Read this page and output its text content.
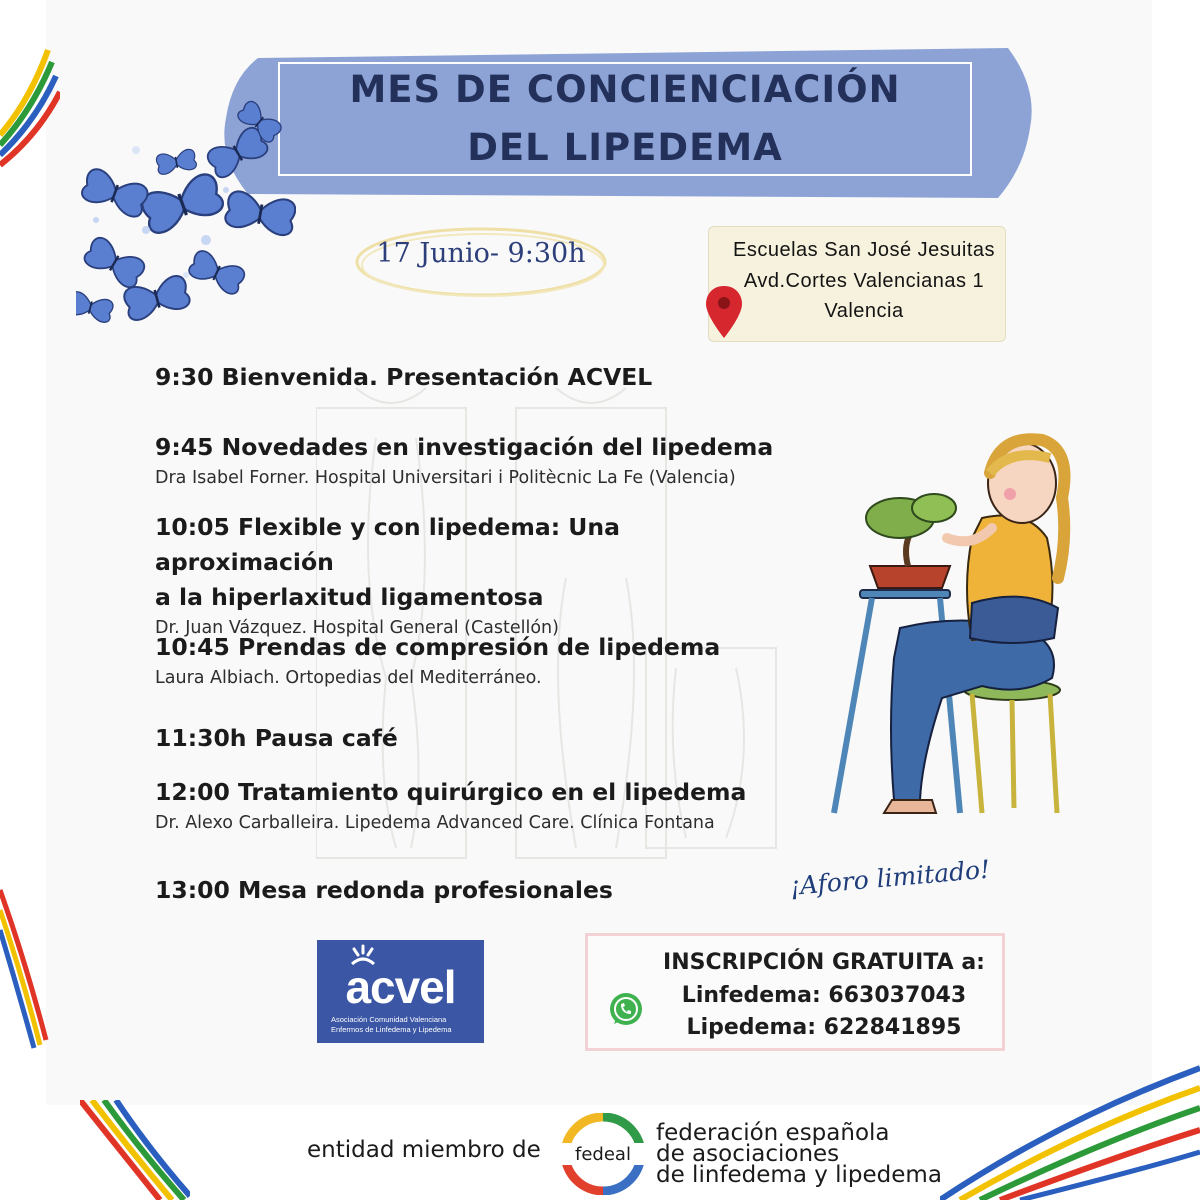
MES DE CONCIENCIACIÓN
DEL LIPEDEMA
17 Junio- 9:30h	Escuelas San José Jesuitas
Avd.Cortes Valencianas 1
Valencia
9:30 Bienvenida. Presentación ACVEL
9:45 Novedades en investigación del lipedema
Dra Isabel Forner. Hospital Universitari i Politècnic La Fe (Valencia)
10:05 Flexible y con lipedema: Una aproximación
a la hiperlaxitud ligamentosa
Dr. Juan Vázquez. Hospital General (Castellón)
10:45 Prendas de compresión de lipedema
Laura Albiach. Ortopedias del Mediterráneo.
11:30h Pausa café
12:00 Tratamiento quirúrgico en el lipedema
Dr. Alexo Carballeira. Lipedema Advanced Care. Clínica Fontana
13:00 Mesa redonda profesionales	¡Aforo limitado!
acvel
Asociación Comunidad Valenciana
Enfermos de Linfedema y Lipedema
INSCRIPCIÓN GRATUITA a:
Linfedema: 663037043
Lipedema: 622841895
entidad miembro de fedeal
federación española
de asociaciones
de linfedema y lipedema
